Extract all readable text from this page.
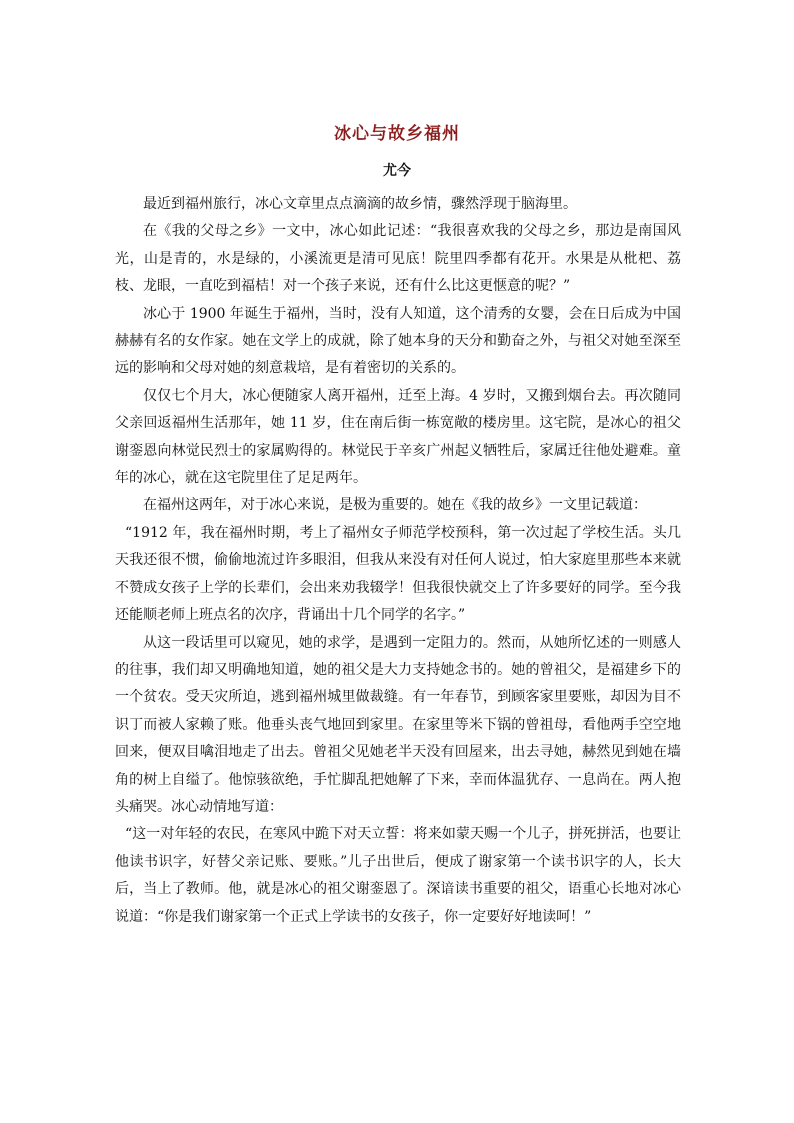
冰心与故乡福州
尤今

最近到福州旅行，冰心文章里点点滴滴的故乡情，骤然浮现于脑海里。

在《我的父母之乡》一文中，冰心如此记述：“我很喜欢我的父母之乡，那边是南国风光，山是青的，水是绿的，小溪流更是清可见底！院里四季都有花开。水果是从枇杷、荔枝、龙眼，一直吃到福桔！对一个孩子来说，还有什么比这更惬意的呢？”

冰心于 1900 年诞生于福州，当时，没有人知道，这个清秀的女婴，会在日后成为中国赫赫有名的女作家。她在文学上的成就，除了她本身的天分和勤奋之外，与祖父对她至深至远的影响和父母对她的刻意栽培，是有着密切的关系的。

仅仅七个月大，冰心便随家人离开福州，迁至上海。4 岁时，又搬到烟台去。再次随同父亲回返福州生活那年，她 11 岁，住在南后街一栋宽敞的楼房里。这宅院，是冰心的祖父谢銮恩向林觉民烈士的家属购得的。林觉民于辛亥广州起义牺牲后，家属迁往他处避难。童年的冰心，就在这宅院里住了足足两年。

在福州这两年，对于冰心来说，是极为重要的。她在《我的故乡》一文里记载道：

“1912 年，我在福州时期，考上了福州女子师范学校预科，第一次过起了学校生活。头几天我还很不惯，偷偷地流过许多眼泪，但我从来没有对任何人说过，怕大家庭里那些本来就不赞成女孩子上学的长辈们，会出来劝我辍学！但我很快就交上了许多要好的同学。至今我还能顺老师上班点名的次序，背诵出十几个同学的名字。”

从这一段话里可以窥见，她的求学，是遇到一定阻力的。然而，从她所忆述的一则感人的往事，我们却又明确地知道，她的祖父是大力支持她念书的。她的曾祖父，是福建乡下的一个贫农。受天灾所迫，逃到福州城里做裁缝。有一年春节，到顾客家里要账，却因为目不识丁而被人家赖了账。他垂头丧气地回到家里。在家里等米下锅的曾祖母，看他两手空空地回来，便双目噙泪地走了出去。曾祖父见她老半天没有回屋来，出去寻她，赫然见到她在墙角的树上自缢了。他惊骇欲绝，手忙脚乱把她解了下来，幸而体温犹存、一息尚在。两人抱头痛哭。冰心动情地写道：

“这一对年轻的农民，在寒风中跪下对天立誓：将来如蒙天赐一个儿子，拼死拼活，也要让他读书识字，好替父亲记账、要账。”儿子出世后，便成了谢家第一个读书识字的人，长大后，当上了教师。他，就是冰心的祖父谢銮恩了。深谙读书重要的祖父，语重心长地对冰心说道：“你是我们谢家第一个正式上学读书的女孩子，你一定要好好地读呵！”
